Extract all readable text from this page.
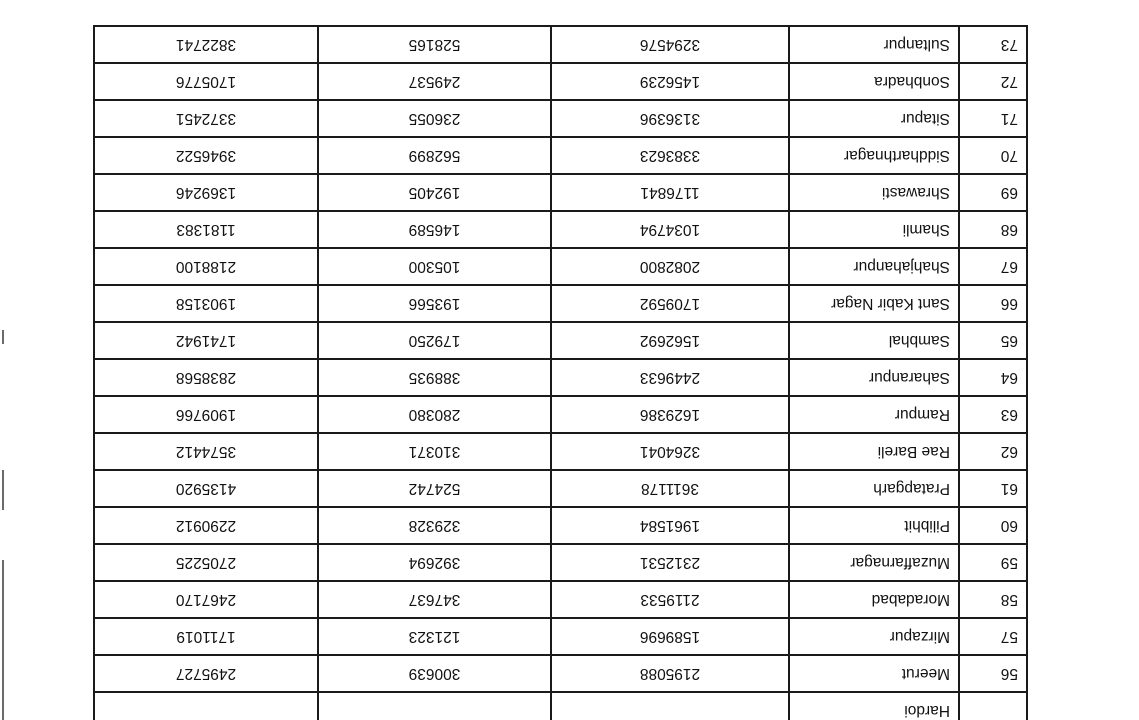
	Hardoi			
56	Meerut	2195088	300639	2495727
57	Mirzapur	1589696	121323	1711019
58	Moradabad	2119533	347637	2467170
59	Muzaffarnagar	2312531	392694	2705225
60	Pilibhit	1961584	329328	2290912
61	Pratapgarh	3611178	524742	4135920
62	Rae Bareli	3264041	310371	3574412
63	Rampur	1629386	280380	1909766
64	Saharanpur	2449633	388935	2838568
65	Sambhal	1562692	179250	1741942
66	Sant Kabir Nagar	1709592	193566	1903158
67	Shahjahanpur	2082800	105300	2188100
68	Shamli	1034794	146589	1181383
69	Shrawasti	1176841	192405	1369246
70	Siddharthnagar	3383623	562899	3946522
71	Sitapur	3136396	236055	3372451
72	Sonbhadra	1456239	249537	1705776
73	Sultanpur	3294576	528165	3822741
